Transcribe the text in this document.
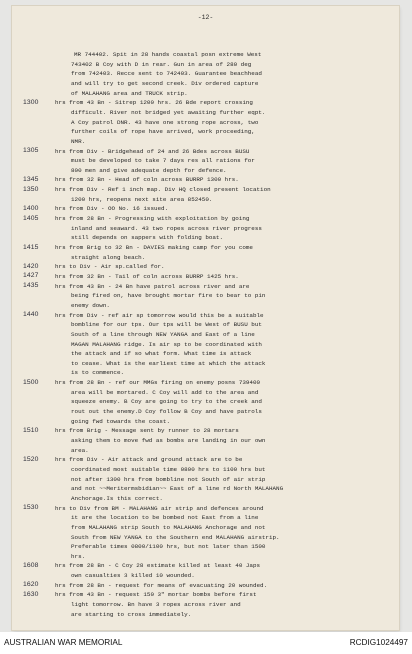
-12-
MR 744402. Spit in 28 hands coastal posn extreme West
743402 B Coy with D in rear. Gun in area of 280 deg
from 742403. Recce sent to 742403. Guarantee beachhead
and will try to get second creek. Div ordered capture
of MALAHANG area and TRUCK strip.
1300	hrs from 43 Bn - Sitrep 1200 hrs. 26 Bde report crossing
difficult. River not bridged yet awaiting further eqpt.
A Coy patrol DNR. 43 have one strong rope across, two
further coils of rope have arrived, work proceeding,
NMR.
1305	hrs from Div - Bridgehead of 24 and 26 Bdes across BUSU
must be developed to take 7 days res all rations for
800 men and give adequate depth for defence.
1345	hrs from 32 Bn - Head of coln across BURRP 1300 hrs.
1350	hrs from Div - Ref 1 inch map. Div HQ closed present location
1200 hrs, reopens next site area 852450.
1400	hrs from Div - OO No. 16 issued.
1405	hrs from 28 Bn - Progressing with exploitation by going
inland and seaward. 43 two ropes across river progress
still depends on sappers with folding boat.
1415	hrs from Brig to 32 Bn - DAVIES making camp for you come
straight along beach.
1420	hrs to Div - Air sp.called for.
1427	hrs from 32 Bn - Tail of coln across BURRP 1425 hrs.
1435	hrs from 43 Bn - 24 Bn have patrol across river and are
being fired on, have brought mortar fire to bear to pin
enemy down.
1440	hrs from Div - ref air sp tomorrow would this be a suitable
bombline for our tps. Our tps will be West of BUSU but
South of a line through NEW YANGA and East of a line
MAGAN MALAHANG ridge. Is air sp to be coordinated with
the attack and if so what form. What time is attack
to cease. What is the earliest time at which the attack
is to commence.
1500	hrs from 28 Bn - ref our MMGs firing on enemy posns 739400
area will be mortared. C Coy will add to the area and
squeeze enemy. B Coy are going to try to the creek and
rout out the enemy.D Coy follow B Coy and have patrols
going fwd towards the coast.
1510	hrs from Brig - Message sent by runner to 28 mortars
asking them to move fwd as bombs are landing in our own
area.
1520	hrs from Div - Air attack and ground attack are to be
coordinated most suitable time 0800 hrs to 1100 hrs but
not after 1300 hrs from bombline not South of air strip
and not ~~Meritermsbidian~~ East of a line rd North MALAHANG
Anchorage.Is this correct.
1530	hrs to Div from BM - MALAHANG air strip and defences around
it are the location to be bombed not East from a line
from MALAHANG strip South to MALAHANG Anchorage and not
South from NEW YANGA to the Southern end MALAHANG airstrip.
Preferable times 0800/1100 hrs, but not later than 1500
hrs.
1608	hrs from 28 Bn - C Coy 28 estimate killed at least 40 Japs
own casualties 3 killed 10 wounded.
1620	hrs from 28 Bn - request for means of evacuating 20 wounded.
1630	hrs from 43 Bn - request 150 3" mortar bombs before first
light tomorrow. Bn have 3 ropes across river and
are starting to cross immediately.
AUSTRALIAN WAR MEMORIAL	RCDIG1024497
